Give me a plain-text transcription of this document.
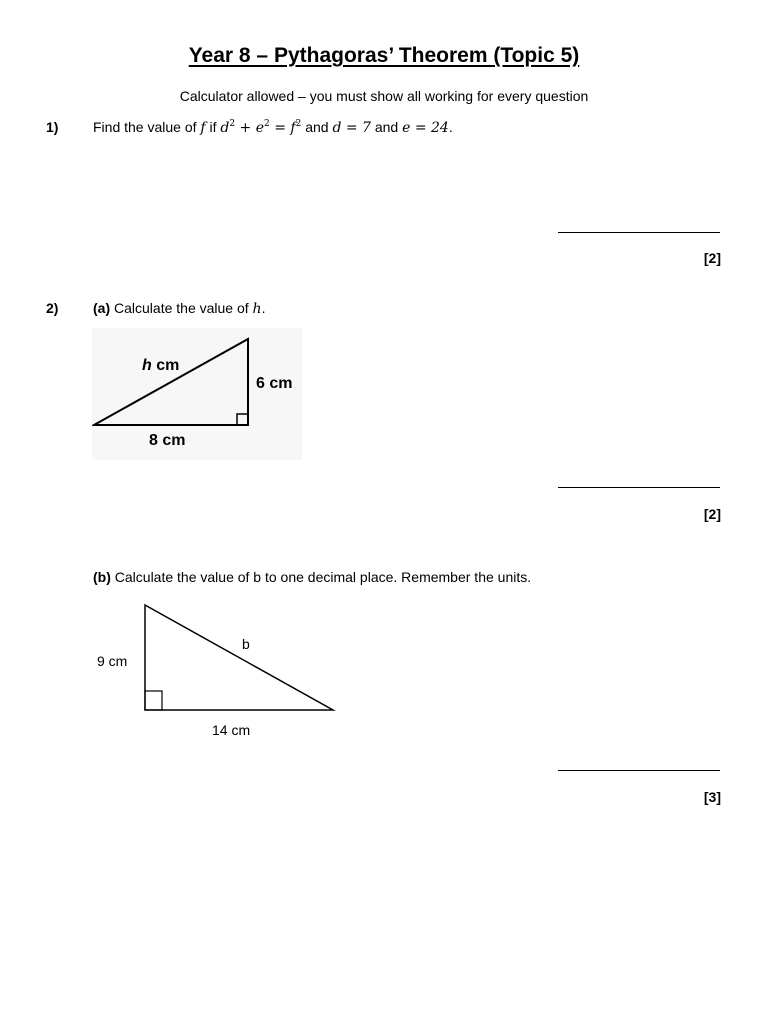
Year 8 – Pythagoras’ Theorem (Topic 5)
Calculator allowed – you must show all working for every question
1) Find the value of f if $d^2 + e^2 = f^2$ and d = 7 and e = 24.
[2]
2) (a) Calculate the value of h.
h cm
6 cm
8 cm
[2]
(b) Calculate the value of b to one decimal place. Remember the units.
b
9 cm
14 cm
[3]
